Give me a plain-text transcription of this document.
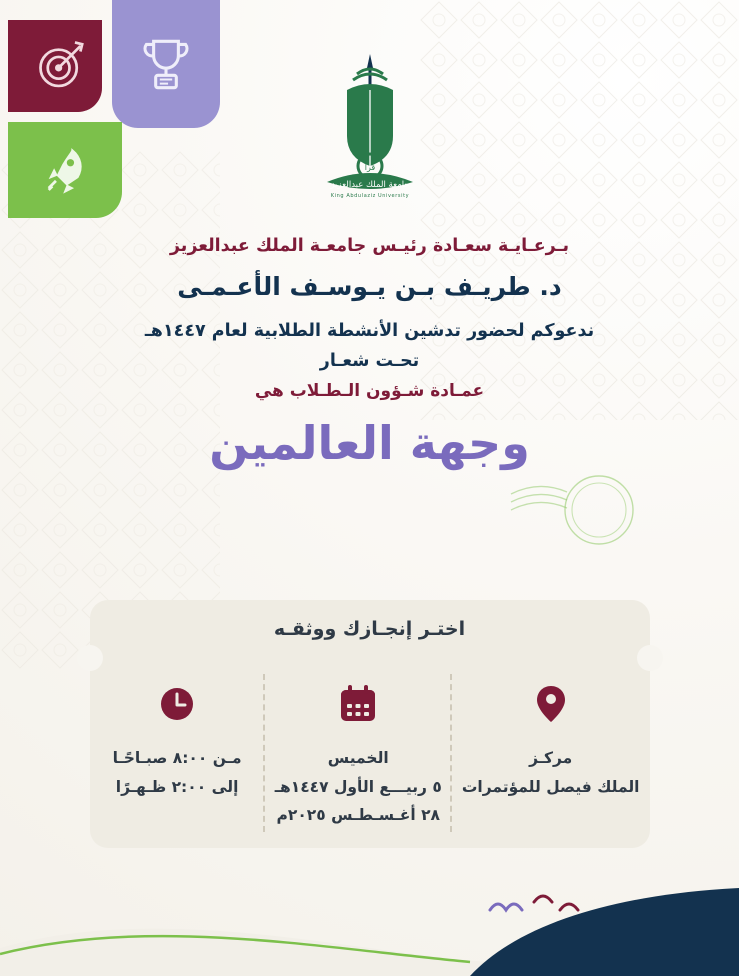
قرأ
جامعة الملك عبدالعزيز
King Abdulaziz University
بـرعـايـة سعـادة رئيـس جامعـة الملك عبدالعزيز
د. طريـف بـن يـوسـف الأعـمـى
ندعوكم لحضور تدشين الأنشطة الطلابية لعام ١٤٤٧هـ
تحـت شعـار
عمـادة شـؤون الـطـلاب هي
وجهة العالمين
اختـر إنجـازك ووثقـه
مركـز
الملك فيصل للمؤتمرات
الخميس
٥ ربيـــع الأول ١٤٤٧هـ
٢٨ أغـسـطـس ٢٠٢٥م
مـن ٨:٠٠ صبـاحًـا
إلى ٢:٠٠ ظـهـرًا
